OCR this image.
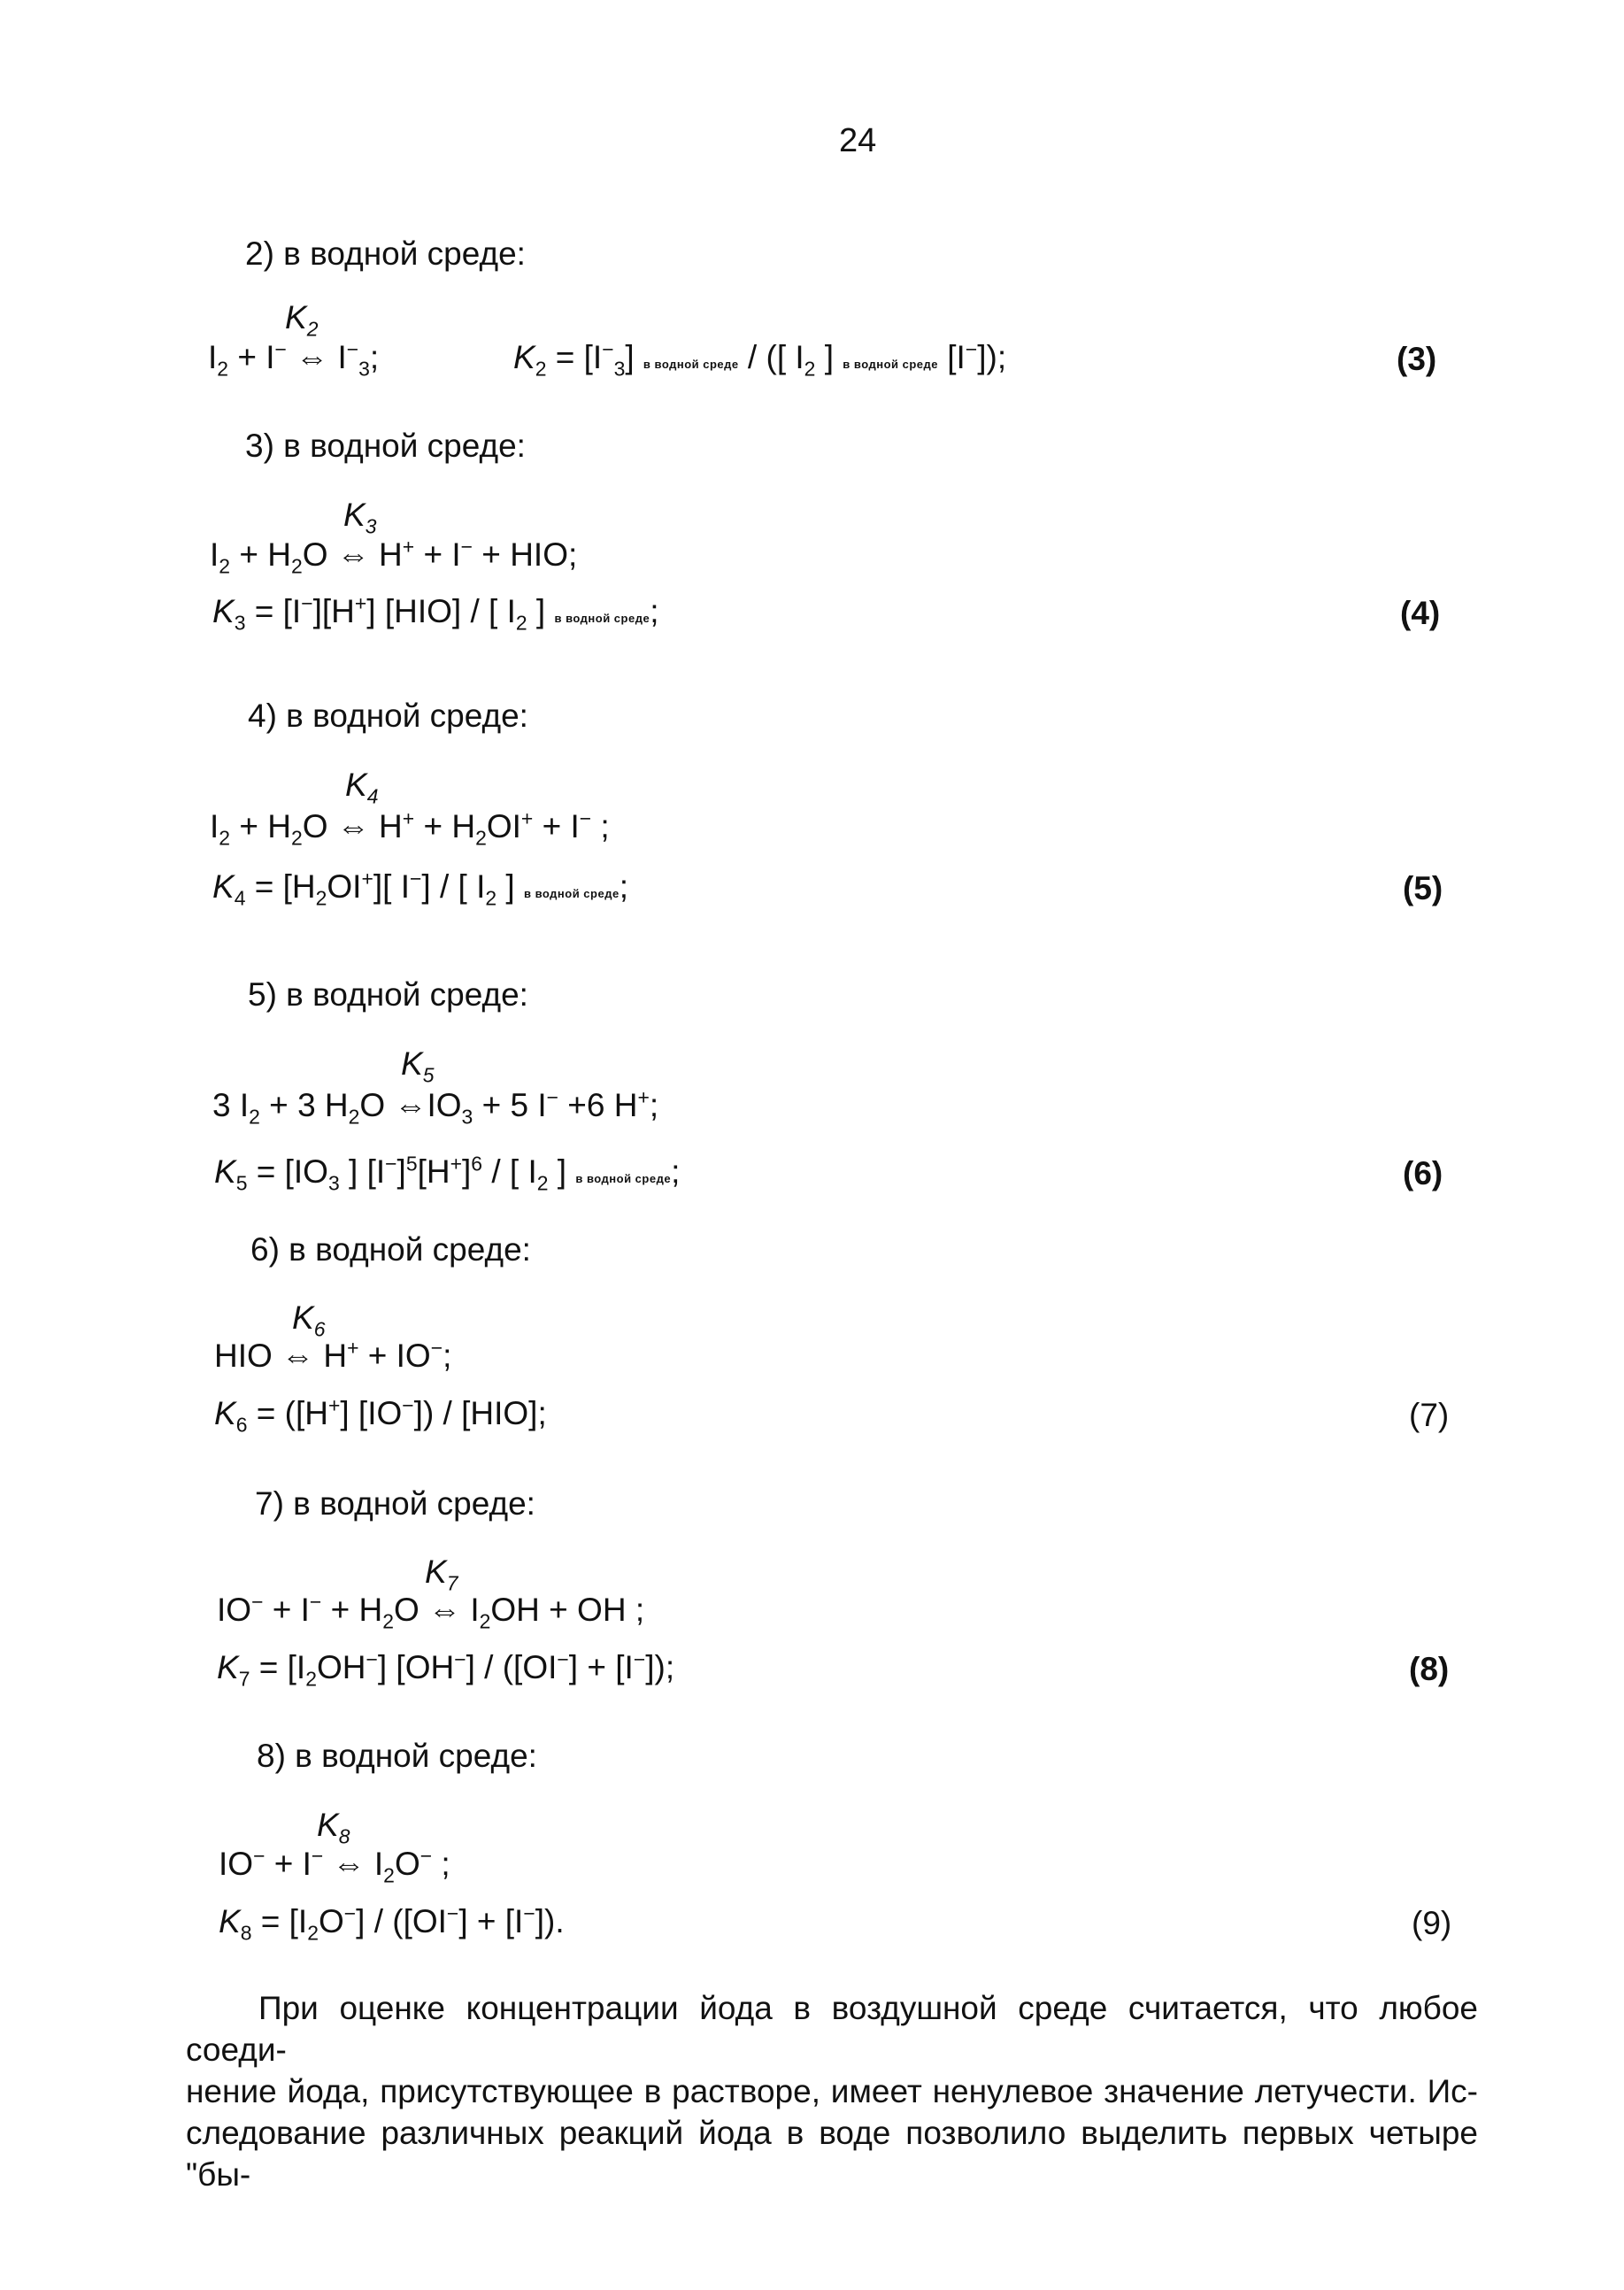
24
2) в водной среде:
$K_2$
$I_2 + I^-$ ⇔ $I^-_3$;	$K_2 = [I^-_3]$ в водной среде / ([ $I_2$ ] в водной среде [I−]);	(3)
3) в водной среде:
$K_3$
$I_2 + H_2O$ ⇔ H+ + I− + HIO;
$K_3 = [I^-][H^+]$ [HIO] / [ $I_2$ ] в водной среде;	(4)
4) в водной среде:
$K_4$
$I_2 + H_2O$ ⇔ $H^+ + H_2OI^+ + I^-$ ;
$K_4 = [H_2OI^+]$[ I−] / [ $I_2$ ] в водной среде;	(5)
5) в водной среде:
$K_5$
3 $I_2 + 3$ $H_2O$ $\Leftrightarrow IO_3 + 5$ I− +6 H+;
$K_5 = [IO_3$ ] $[I^-]^5[H^+]^6$ / [ $I_2$ ] в водной среде;	(6)
6) в водной среде:
$K_6$
HIO ⇔ H+ + IO−;
$K_6 = ([H^+]$ [IO−]) / [HIO];	(7)
7) в водной среде:
$K_7$
$IO^- + I^- + H_2O$ ⇔ $I_2OH$ + OH ;
$K_7 = [I_2OH^-]$ [OH−] / ([OI−] + [I−]);	(8)
8) в водной среде:
$K_8$
IO− + I− ⇔ $I_2O^-$ ;
$K_8 = [I_2O^-] / ([OI^-] + [I^-])$.	(9)
При оценке концентрации йода в воздушной среде считается, что любое соеди-
нение йода, присутствующее в растворе, имеет ненулевое значение летучести. Ис-
следование различных реакций йода в воде позволило выделить первых четыре "бы-
